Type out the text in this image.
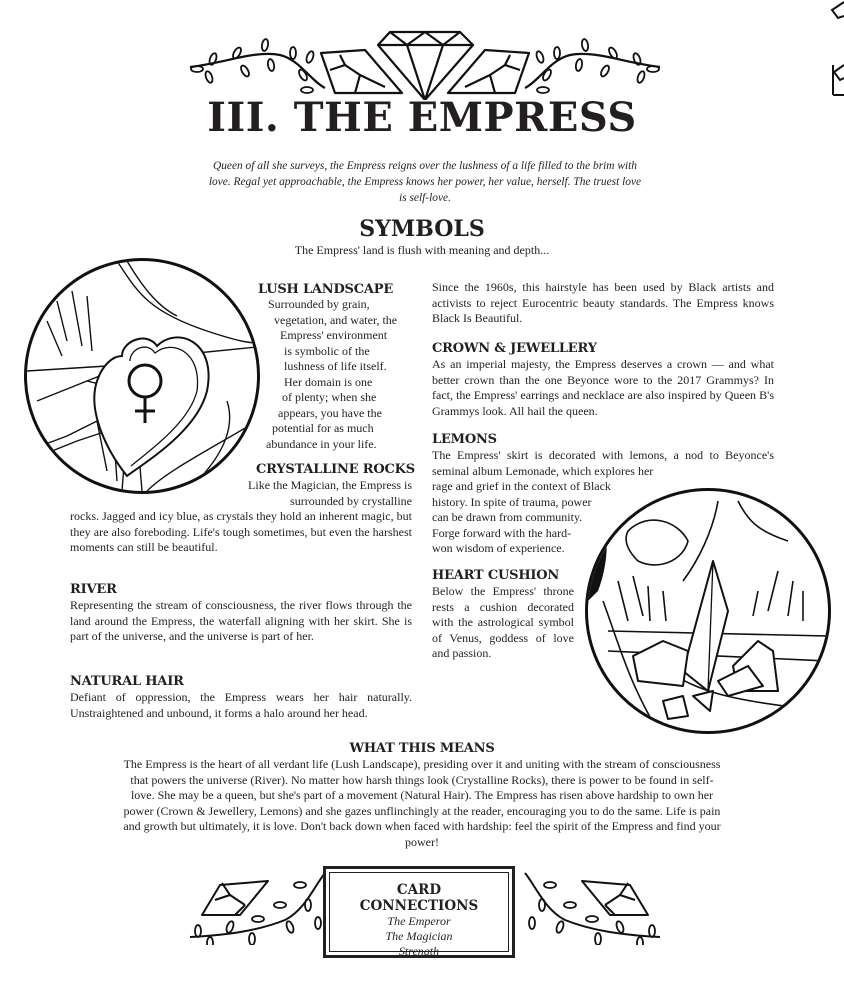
III. THE EMPRESS
Queen of all she surveys, the Empress reigns over the lushness of a life filled to the brim with love. Regal yet approachable, the Empress knows her power, her value, herself. The truest love is self-love.
SYMBOLS
The Empress' land is flush with meaning and depth...
LUSH LANDSCAPE
Surrounded by grain,
vegetation, and water, the
Empress' environment
is symbolic of the
lushness of life itself.
Her domain is one
of plenty; when she
appears, you have the
potential for as much
abundance in your life.
CRYSTALLINE ROCKS
Like the Magician, the Empress is surrounded by crystalline
rocks. Jagged and icy blue, as crystals they hold an inherent magic, but they are also foreboding. Life's tough sometimes, but even the harshest moments can still be beautiful.
RIVER
Representing the stream of consciousness, the river flows through the land around the Empress, the waterfall aligning with her skirt. She is part of the universe, and the universe is part of her.
NATURAL HAIR
Defiant of oppression, the Empress wears her hair naturally. Unstraightened and unbound, it forms a halo around her head.
Since the 1960s, this hairstyle has been used by Black artists and activists to reject Eurocentric beauty standards. The Empress knows Black Is Beautiful.
CROWN & JEWELLERY
As an imperial majesty, the Empress deserves a crown — and what better crown than the one Beyonce wore to the 2017 Grammys? In fact, the Empress' earrings and necklace are also inspired by Queen B's Grammys look. All hail the queen.
LEMONS
The Empress' skirt is decorated with lemons, a nod to Beyonce's seminal album Lemonade, which explores her
rage and grief in the context of Black
history. In spite of trauma, power
can be drawn from community.
Forge forward with the hard-
won wisdom of experience.
HEART CUSHION
Below the Empress' throne rests a cushion decorated with the astrological symbol of Venus, goddess of love and passion.
WHAT THIS MEANS
The Empress is the heart of all verdant life (Lush Landscape), presiding over it and uniting with the stream of consciousness that powers the universe (River). No matter how harsh things look (Crystalline Rocks), there is power to be found in self-love. She may be a queen, but she's part of a movement (Natural Hair). The Empress has risen above hardship to own her power (Crown & Jewellery, Lemons) and she gazes unflinchingly at the reader, encouraging you to do the same. Life is pain and growth but ultimately, it is love. Don't back down when faced with hardship: feel the spirit of the Empress and find your power!
CARD CONNECTIONS
The Emperor
The Magician
Strength
